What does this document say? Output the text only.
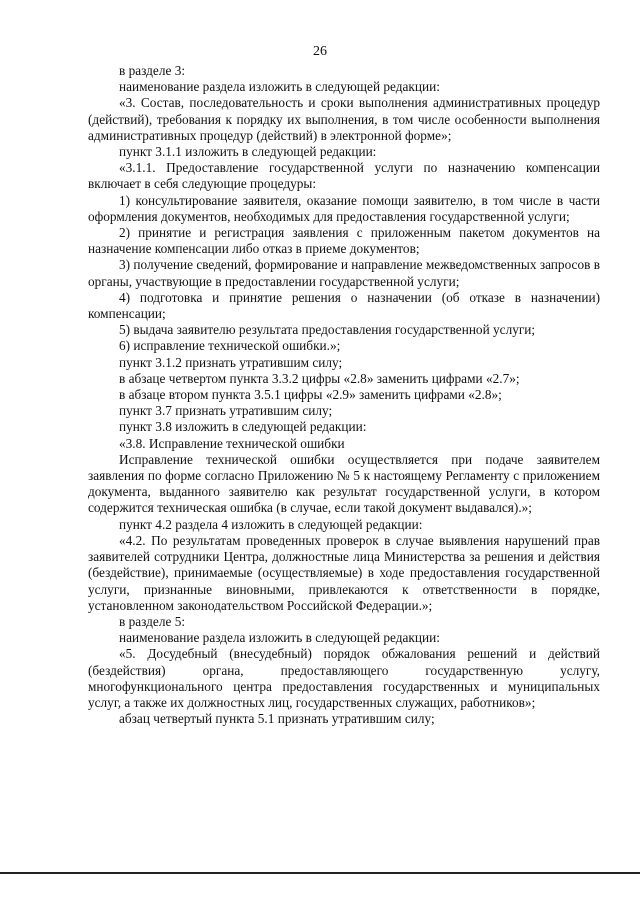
26

в разделе 3:

наименование раздела изложить в следующей редакции:

«3. Состав, последовательность и сроки выполнения административных процедур (действий), требования к порядку их выполнения, в том числе особенности выполнения административных процедур (действий) в электронной форме»;

пункт 3.1.1 изложить в следующей редакции:

«3.1.1. Предоставление государственной услуги по назначению компенсации включает в себя следующие процедуры:

1) консультирование заявителя, оказание помощи заявителю, в том числе в части оформления документов, необходимых для предоставления государственной услуги;

2) принятие и регистрация заявления с приложенным пакетом документов на назначение компенсации либо отказ в приеме документов;

3) получение сведений, формирование и направление межведомственных запросов в органы, участвующие в предоставлении государственной услуги;

4) подготовка и принятие решения о назначении (об отказе в назначении) компенсации;

5) выдача заявителю результата предоставления государственной услуги;

6) исправление технической ошибки.»;

пункт 3.1.2 признать утратившим силу;

в абзаце четвертом пункта 3.3.2 цифры «2.8» заменить цифрами «2.7»;

в абзаце втором пункта 3.5.1 цифры «2.9» заменить цифрами «2.8»;

пункт 3.7 признать утратившим силу;

пункт 3.8 изложить в следующей редакции:

«3.8. Исправление технической ошибки

Исправление технической ошибки осуществляется при подаче заявителем заявления по форме согласно Приложению № 5 к настоящему Регламенту с приложением документа, выданного заявителю как результат государственной услуги, в котором содержится техническая ошибка (в случае, если такой документ выдавался).»;

пункт 4.2 раздела 4 изложить в следующей редакции:

«4.2. По результатам проведенных проверок в случае выявления нарушений прав заявителей сотрудники Центра, должностные лица Министерства за решения и действия (бездействие), принимаемые (осуществляемые) в ходе предоставления государственной услуги, признанные виновными, привлекаются к ответственности в порядке, установленном законодательством Российской Федерации.»;

в разделе 5:

наименование раздела изложить в следующей редакции:

«5. Досудебный (внесудебный) порядок обжалования решений и действий (бездействия) органа, предоставляющего государственную услугу, многофункционального центра предоставления государственных и муниципальных услуг, а также их должностных лиц, государственных служащих, работников»;

абзац четвертый пункта 5.1 признать утратившим силу;
